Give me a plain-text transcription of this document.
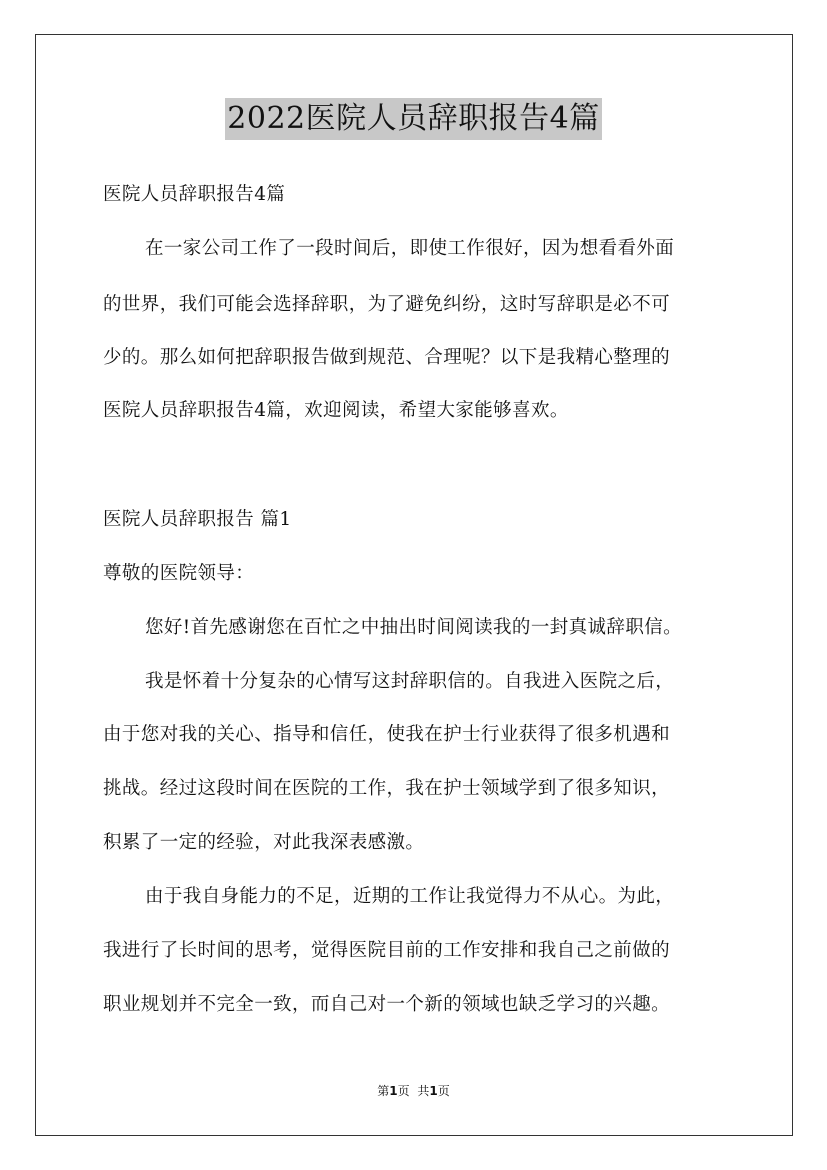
2022医院人员辞职报告4篇
医院人员辞职报告4篇
在一家公司工作了一段时间后，即使工作很好，因为想看看外面
的世界，我们可能会选择辞职，为了避免纠纷，这时写辞职是必不可
少的。那么如何把辞职报告做到规范、合理呢？以下是我精心整理的
医院人员辞职报告4篇，欢迎阅读，希望大家能够喜欢。
医院人员辞职报告 篇1
尊敬的医院领导：
您好!首先感谢您在百忙之中抽出时间阅读我的一封真诚辞职信。
我是怀着十分复杂的心情写这封辞职信的。自我进入医院之后，
由于您对我的关心、指导和信任，使我在护士行业获得了很多机遇和
挑战。经过这段时间在医院的工作，我在护士领域学到了很多知识，
积累了一定的经验，对此我深表感激。
由于我自身能力的不足，近期的工作让我觉得力不从心。为此，
我进行了长时间的思考，觉得医院目前的工作安排和我自己之前做的
职业规划并不完全一致，而自己对一个新的领域也缺乏学习的兴趣。
第1页 共1页
